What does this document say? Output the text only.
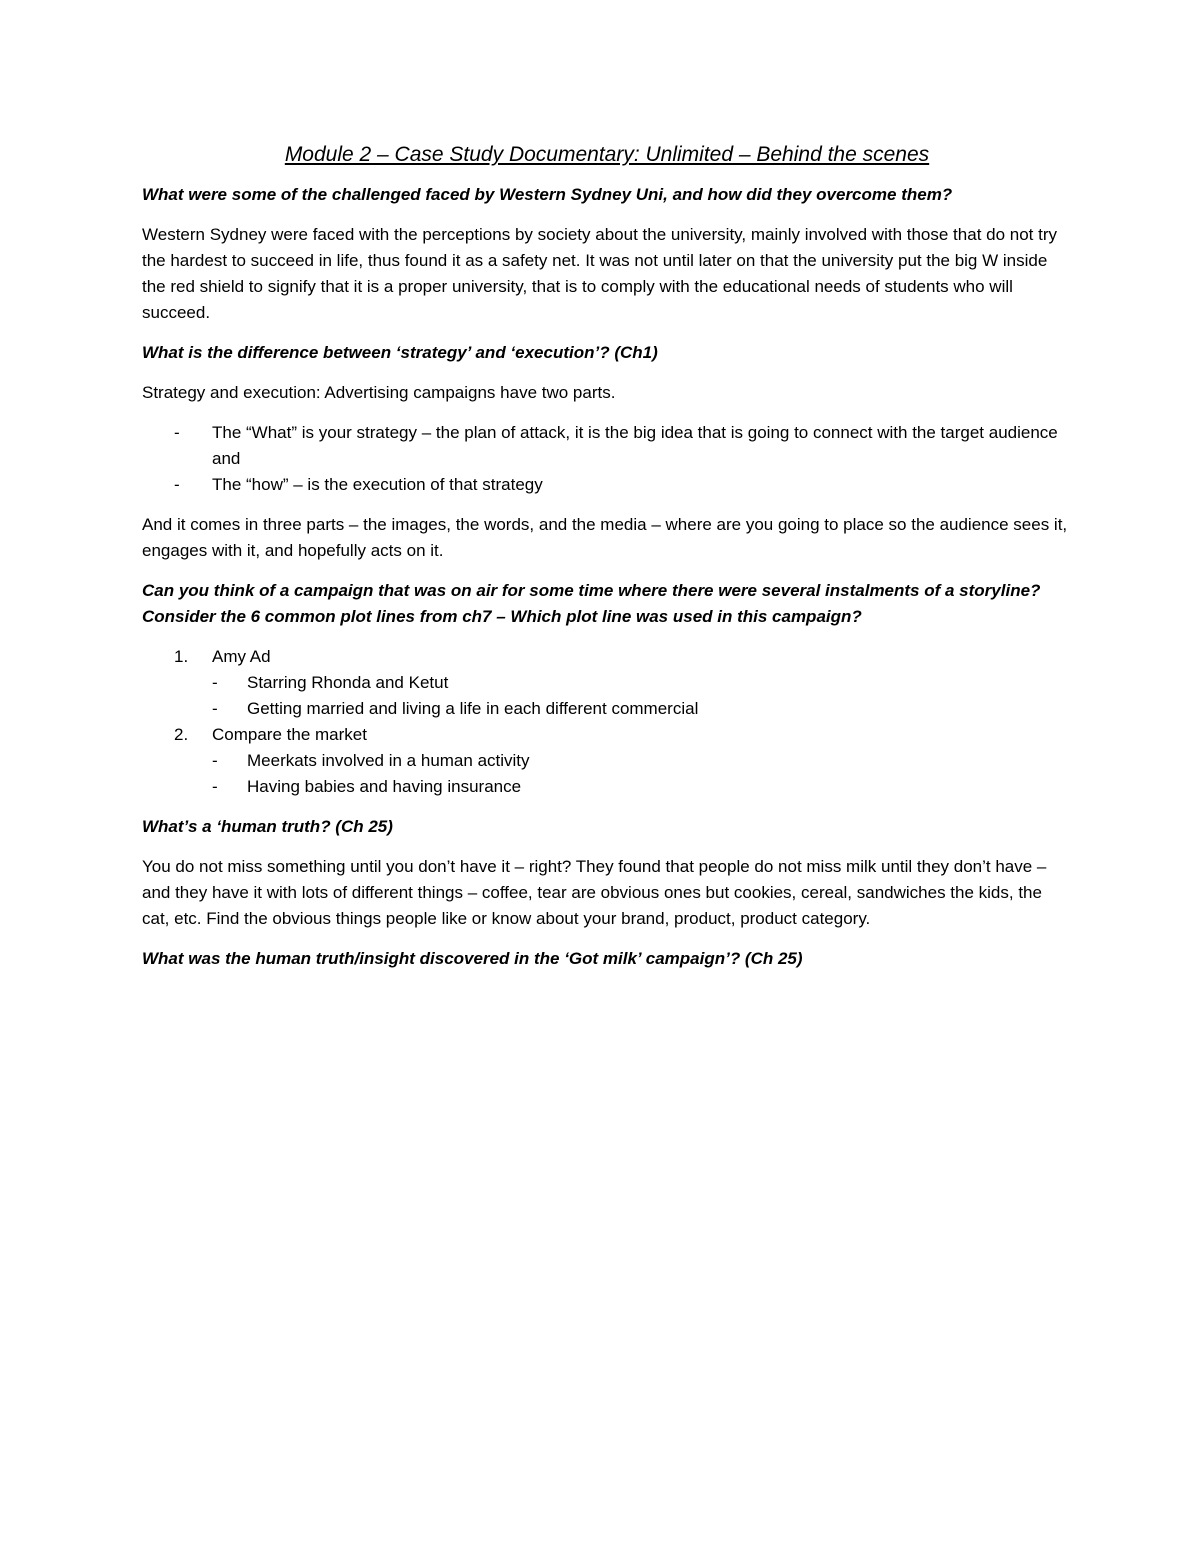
Module 2 – Case Study Documentary: Unlimited – Behind the scenes
What were some of the challenged faced by Western Sydney Uni, and how did they overcome them?
Western Sydney were faced with the perceptions by society about the university, mainly involved with those that do not try the hardest to succeed in life, thus found it as a safety net. It was not until later on that the university put the big W inside the red shield to signify that it is a proper university, that is to comply with the educational needs of students who will succeed.
What is the difference between ‘strategy’ and ‘execution’? (Ch1)
Strategy and execution: Advertising campaigns have two parts.
- The “What” is your strategy – the plan of attack, it is the big idea that is going to connect with the target audience and
- The “how” – is the execution of that strategy
And it comes in three parts – the images, the words, and the media – where are you going to place so the audience sees it, engages with it, and hopefully acts on it.
Can you think of a campaign that was on air for some time where there were several instalments of a storyline? Consider the 6 common plot lines from ch7 – Which plot line was used in this campaign?
1. Amy Ad
- Starring Rhonda and Ketut
- Getting married and living a life in each different commercial
2. Compare the market
- Meerkats involved in a human activity
- Having babies and having insurance
What’s a ‘human truth? (Ch 25)
You do not miss something until you don’t have it – right? They found that people do not miss milk until they don’t have – and they have it with lots of different things – coffee, tear are obvious ones but cookies, cereal, sandwiches the kids, the cat, etc. Find the obvious things people like or know about your brand, product, product category.
What was the human truth/insight discovered in the ‘Got milk’ campaign’? (Ch 25)
